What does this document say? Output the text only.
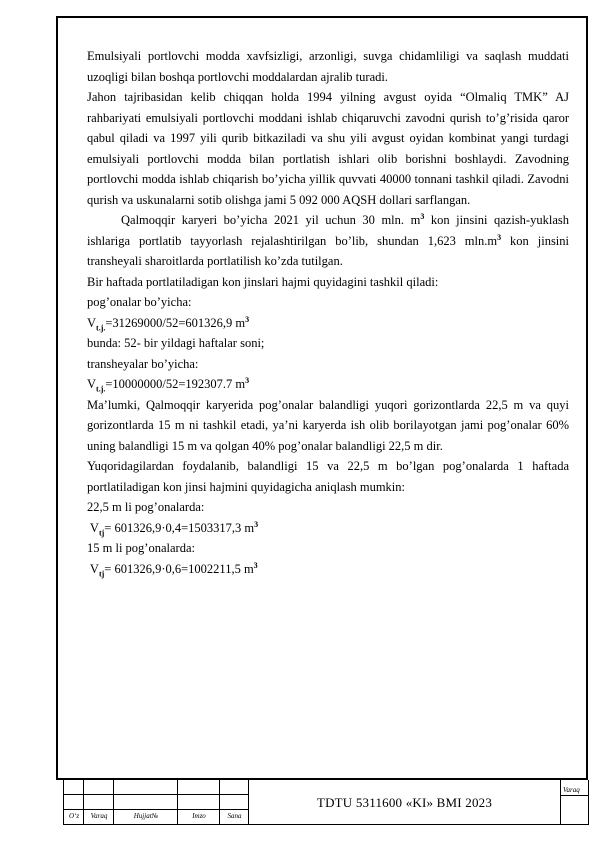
Emulsiyali portlovchi modda xavfsizligi, arzonligi, suvga chidamliligi va saqlash muddati uzoqligi bilan boshqa portlovchi moddalardan ajralib turadi.

Jahon tajribasidan kelib chiqqan holda 1994 yilning avgust oyida “Olmaliq TMK” AJ rahbariyati emulsiyali portlovchi moddani ishlab chiqaruvchi zavodni qurish to’g’risida qaror qabul qiladi va 1997 yili qurib bitkaziladi va shu yili avgust oyidan kombinat yangi turdagi emulsiyali portlovchi modda bilan portlatish ishlari olib borishni boshlaydi. Zavodning portlovchi modda ishlab chiqarish bo’yicha yillik quvvati 40000 tonnani tashkil qiladi. Zavodni qurish va uskunalarni sotib olishga jami 5 092 000 AQSH dollari sarflangan.

Qalmoqqir karyeri bo’yicha 2021 yil uchun 30 mln. $m^3$ kon jinsini qazish-yuklash ishlariga portlatib tayyorlash rejalashtirilgan bo’lib, shundan 1,623 $mln.m^3$ kon jinsini transheyali sharoitlarda portlatilish ko’zda tutilgan.

Bir haftada portlatiladigan kon jinslari hajmi quyidagini tashkil qiladi:

pog’onalar bo’yicha:

$V_{t.j.}=31269000/52=601326,9$ $m^3$

bunda: 52- bir yildagi haftalar soni;

transheyalar bo’yicha:

$V_{t.j.}=10000000/52=192307.7$ $m^3$

Ma’lumki, Qalmoqqir karyerida pog’onalar balandligi yuqori gorizontlarda 22,5 m va quyi gorizontlarda 15 m ni tashkil etadi, ya’ni karyerda ish olib borilayotgan jami pog’onalar 60% uning balandligi 15 m va qolgan 40% pog’onalar balandligi 22,5 m dir.

Yuqoridagilardan foydalanib, balandligi 15 va 22,5 m bo’lgan pog’onalarda 1 haftada portlatiladigan kon jinsi hajmini quyidagicha aniqlash mumkin:

22,5 m li pog’onalarda:

$V_{tj}= 601326,9\cdot 0,4=1503317,3$ $m^3$

15 m li pog’onalarda:

$V_{tj}= 601326,9\cdot 0,6=1002211,5$ $m^3$

O‘z	Varaq	Hujjat№	Imzo	Sana
TDTU 5311600 «KI» BMI 2023
Varaq
